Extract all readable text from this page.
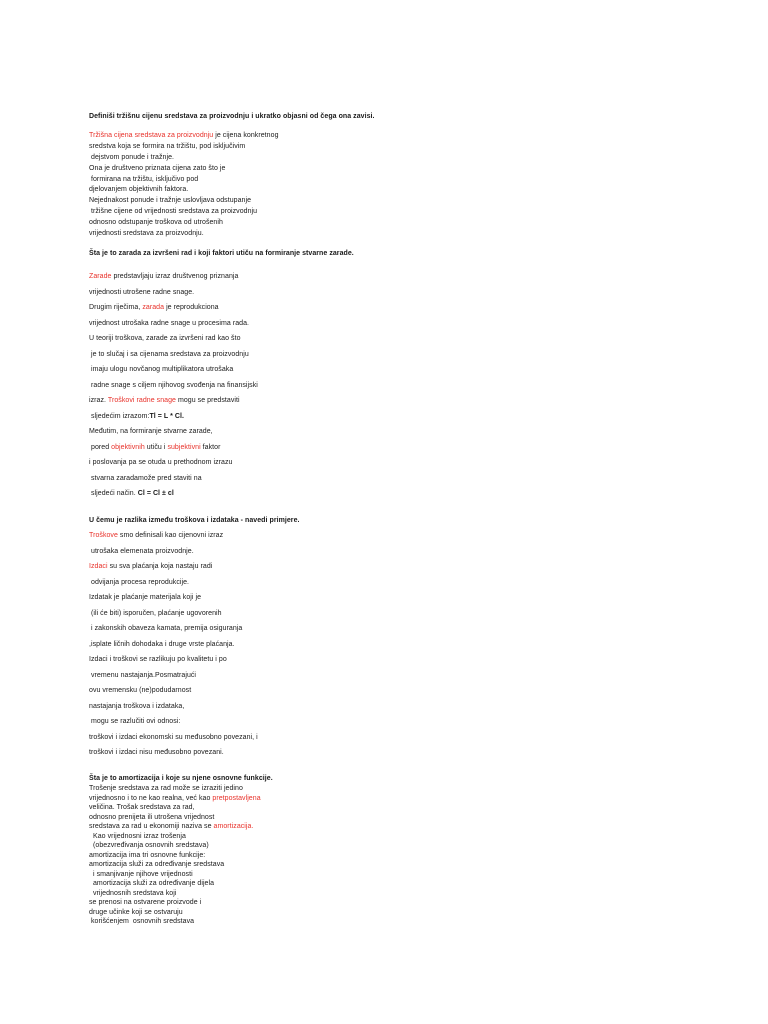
Definiši tržišnu cijenu sredstava za proizvodnju i ukratko objasni od čega ona zavisi.
Tržišna cijena sredstava za proizvodnju je cijena konkretnog
sredstva koja se formira na tržištu, pod isključivim
dejstvom ponude i tražnje.
Ona je društveno priznata cijena zato što je
formirana na tržištu, isključivo pod
djelovanjem objektivnih faktora.
Nejednakost ponude i tražnje uslovljava odstupanje
tržišne cijene od vrijednosti sredstava za proizvodnju
odnosno odstupanje troškova od utrošenih
vrijednosti sredstava za proizvodnju.
Šta je to zarada za izvršeni rad i koji faktori utiču na formiranje stvarne zarade.
Zarade predstavljaju izraz društvenog priznanja
vrijednosti utrošene radne snage.
Drugim riječima, zarada je reprodukciona
vrijednost utrošaka radne snage u procesima rada.
U teoriji troškova, zarade za izvršeni rad kao što
je to slučaj i sa cijenama sredstava za proizvodnju
imaju ulogu novčanog multiplikatora utrošaka
radne snage s ciljem njihovog svođenja na finansijski
izraz. Troškovi radne snage mogu se predstaviti
sljedećim izrazom:Tl = L * Cl.
Međutim, na formiranje stvarne zarade,
pored objektivnih utiču i subjektivni faktor
i poslovanja pa se otuda u prethodnom izrazu
stvarna zaradamože pred staviti na
sljedeći način. Cl = Cl ± cl
U čemu je razlika između troškova i izdataka - navedi primjere.
Troškove smo definisali kao cijenovni izraz
utrošaka elemenata proizvodnje.
Izdaci su sva plaćanja koja nastaju radi
odvijanja procesa reprodukcije.
Izdatak je plaćanje materijala koji je
(ili će biti) isporučen, plaćanje ugovorenih
i zakonskih obaveza kamata, premija osiguranja
,isplate ličnih dohodaka i druge vrste plaćanja.
Izdaci i troškovi se razlikuju po kvalitetu i po
vremenu nastajanja.Posmatrajući
ovu vremensku (ne)podudarnost
nastajanja troškova i izdataka,
mogu se razlučiti ovi odnosi:
troškovi i izdaci ekonomski su međusobno povezani, i
troškovi i izdaci nisu međusobno povezani.
Šta je to amortizacija i koje su njene osnovne funkcije.
Trošenje sredstava za rad može se izraziti jedino
vrijednosno i to ne kao realna, već kao pretpostavljena
veličina. Trošak sredstava za rad,
odnosno prenijeta ili utrošena vrijednost
sredstava za rad u ekonomiji naziva se amortizacija.
Kao vrijednosni izraz trošenja
(obezvređivanja osnovnih sredstava)
amortizacija ima tri osnovne funkcije:
amortizacija služi za određivanje sredstava
i smanjivanje njihove vrijednosti
amortizacija služi za određivanje dijela
vrijednosnih sredstava koji
se prenosi na ostvarene proizvode i
druge učinke koji se ostvaruju
korišćenjem  osnovnih sredstava
